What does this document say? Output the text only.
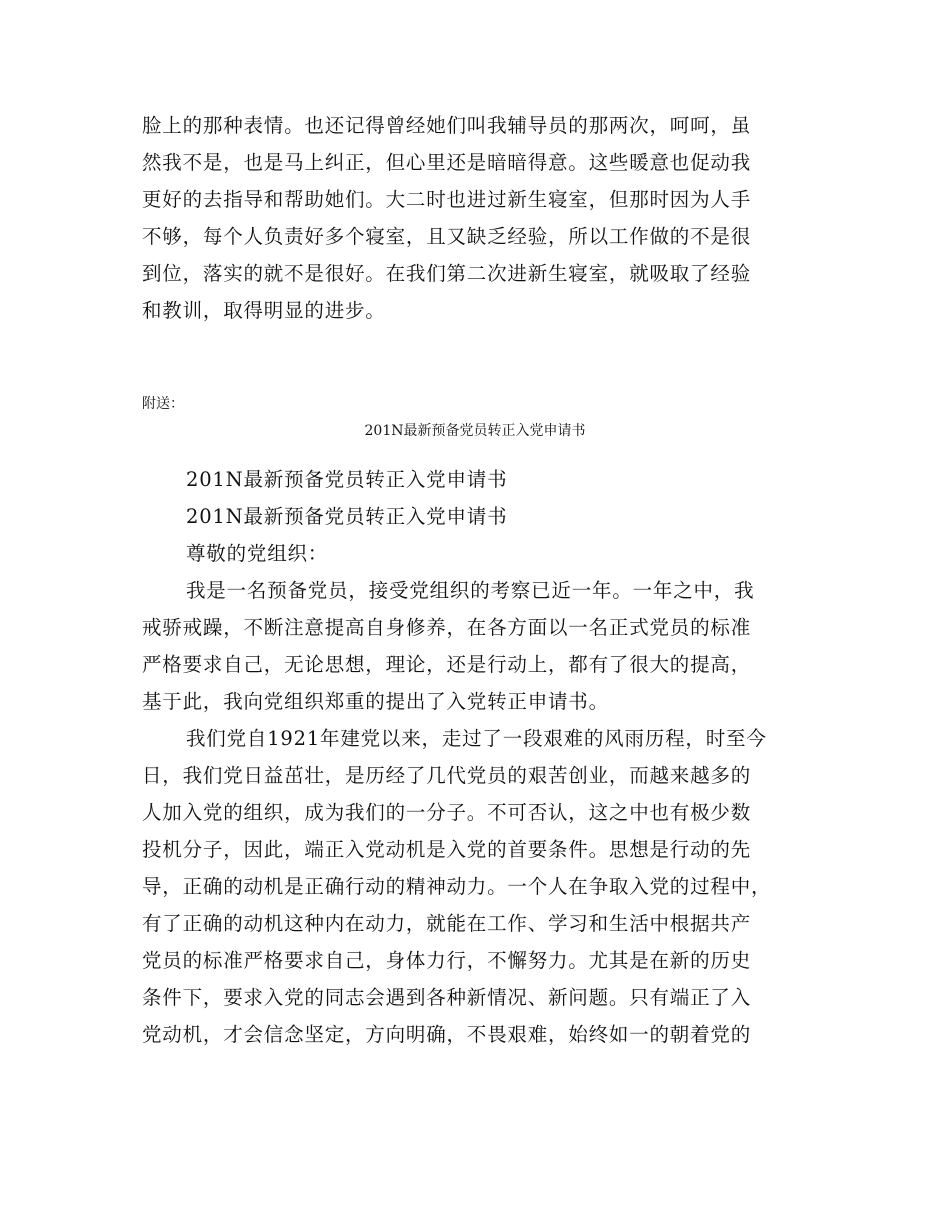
脸上的那种表情。也还记得曾经她们叫我辅导员的那两次，呵呵，虽
然我不是，也是马上纠正，但心里还是暗暗得意。这些暖意也促动我
更好的去指导和帮助她们。大二时也进过新生寝室，但那时因为人手
不够，每个人负责好多个寝室，且又缺乏经验，所以工作做的不是很
到位，落实的就不是很好。在我们第二次进新生寝室，就吸取了经验
和教训，取得明显的进步。
附送：
201N最新预备党员转正入党申请书
201N最新预备党员转正入党申请书
201N最新预备党员转正入党申请书
尊敬的党组织：
我是一名预备党员，接受党组织的考察已近一年。一年之中，我
戒骄戒躁，不断注意提高自身修养，在各方面以一名正式党员的标准
严格要求自己，无论思想，理论，还是行动上，都有了很大的提高，
基于此，我向党组织郑重的提出了入党转正申请书。
我们党自1921年建党以来，走过了一段艰难的风雨历程，时至今
日，我们党日益茁壮，是历经了几代党员的艰苦创业，而越来越多的
人加入党的组织，成为我们的一分子。不可否认，这之中也有极少数
投机分子，因此，端正入党动机是入党的首要条件。思想是行动的先
导，正确的动机是正确行动的精神动力。一个人在争取入党的过程中，
有了正确的动机这种内在动力，就能在工作、学习和生活中根据共产
党员的标准严格要求自己，身体力行，不懈努力。尤其是在新的历史
条件下，要求入党的同志会遇到各种新情况、新问题。只有端正了入
党动机，才会信念坚定，方向明确，不畏艰难，始终如一的朝着党的
